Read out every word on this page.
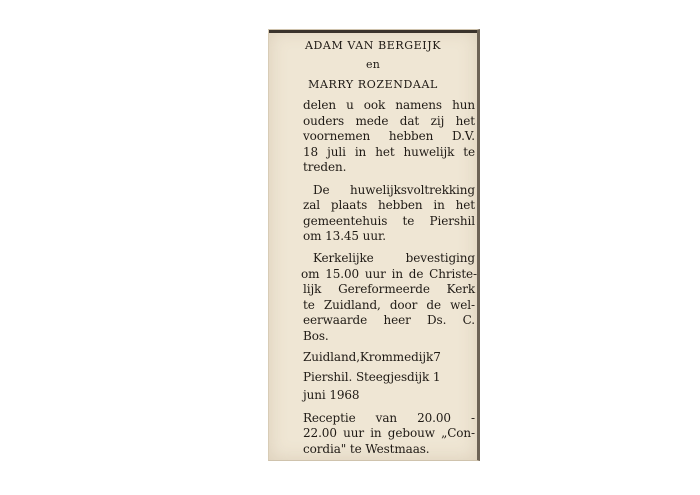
ADAM VAN BERGEIJK
en
MARRY ROZENDAAL
delen u ook namens hun
ouders mede dat zij het
voornemen hebben D.V.
18 juli in het huwelijk te
treden.
De huwelijksvoltrekking
zal plaats hebben in het
gemeentehuis te Piershil
om 13.45 uur.
Kerkelijke bevestiging
om 15.00 uur in de Christe-
lijk Gereformeerde Kerk
te Zuidland, door de wel-
eerwaarde heer Ds. C.
Bos.
Zuidland,Krommedijk7
Piershil. Steegjesdijk 1
juni 1968
Receptie van 20.00 -
22.00 uur in gebouw „Con-
cordia" te Westmaas.
